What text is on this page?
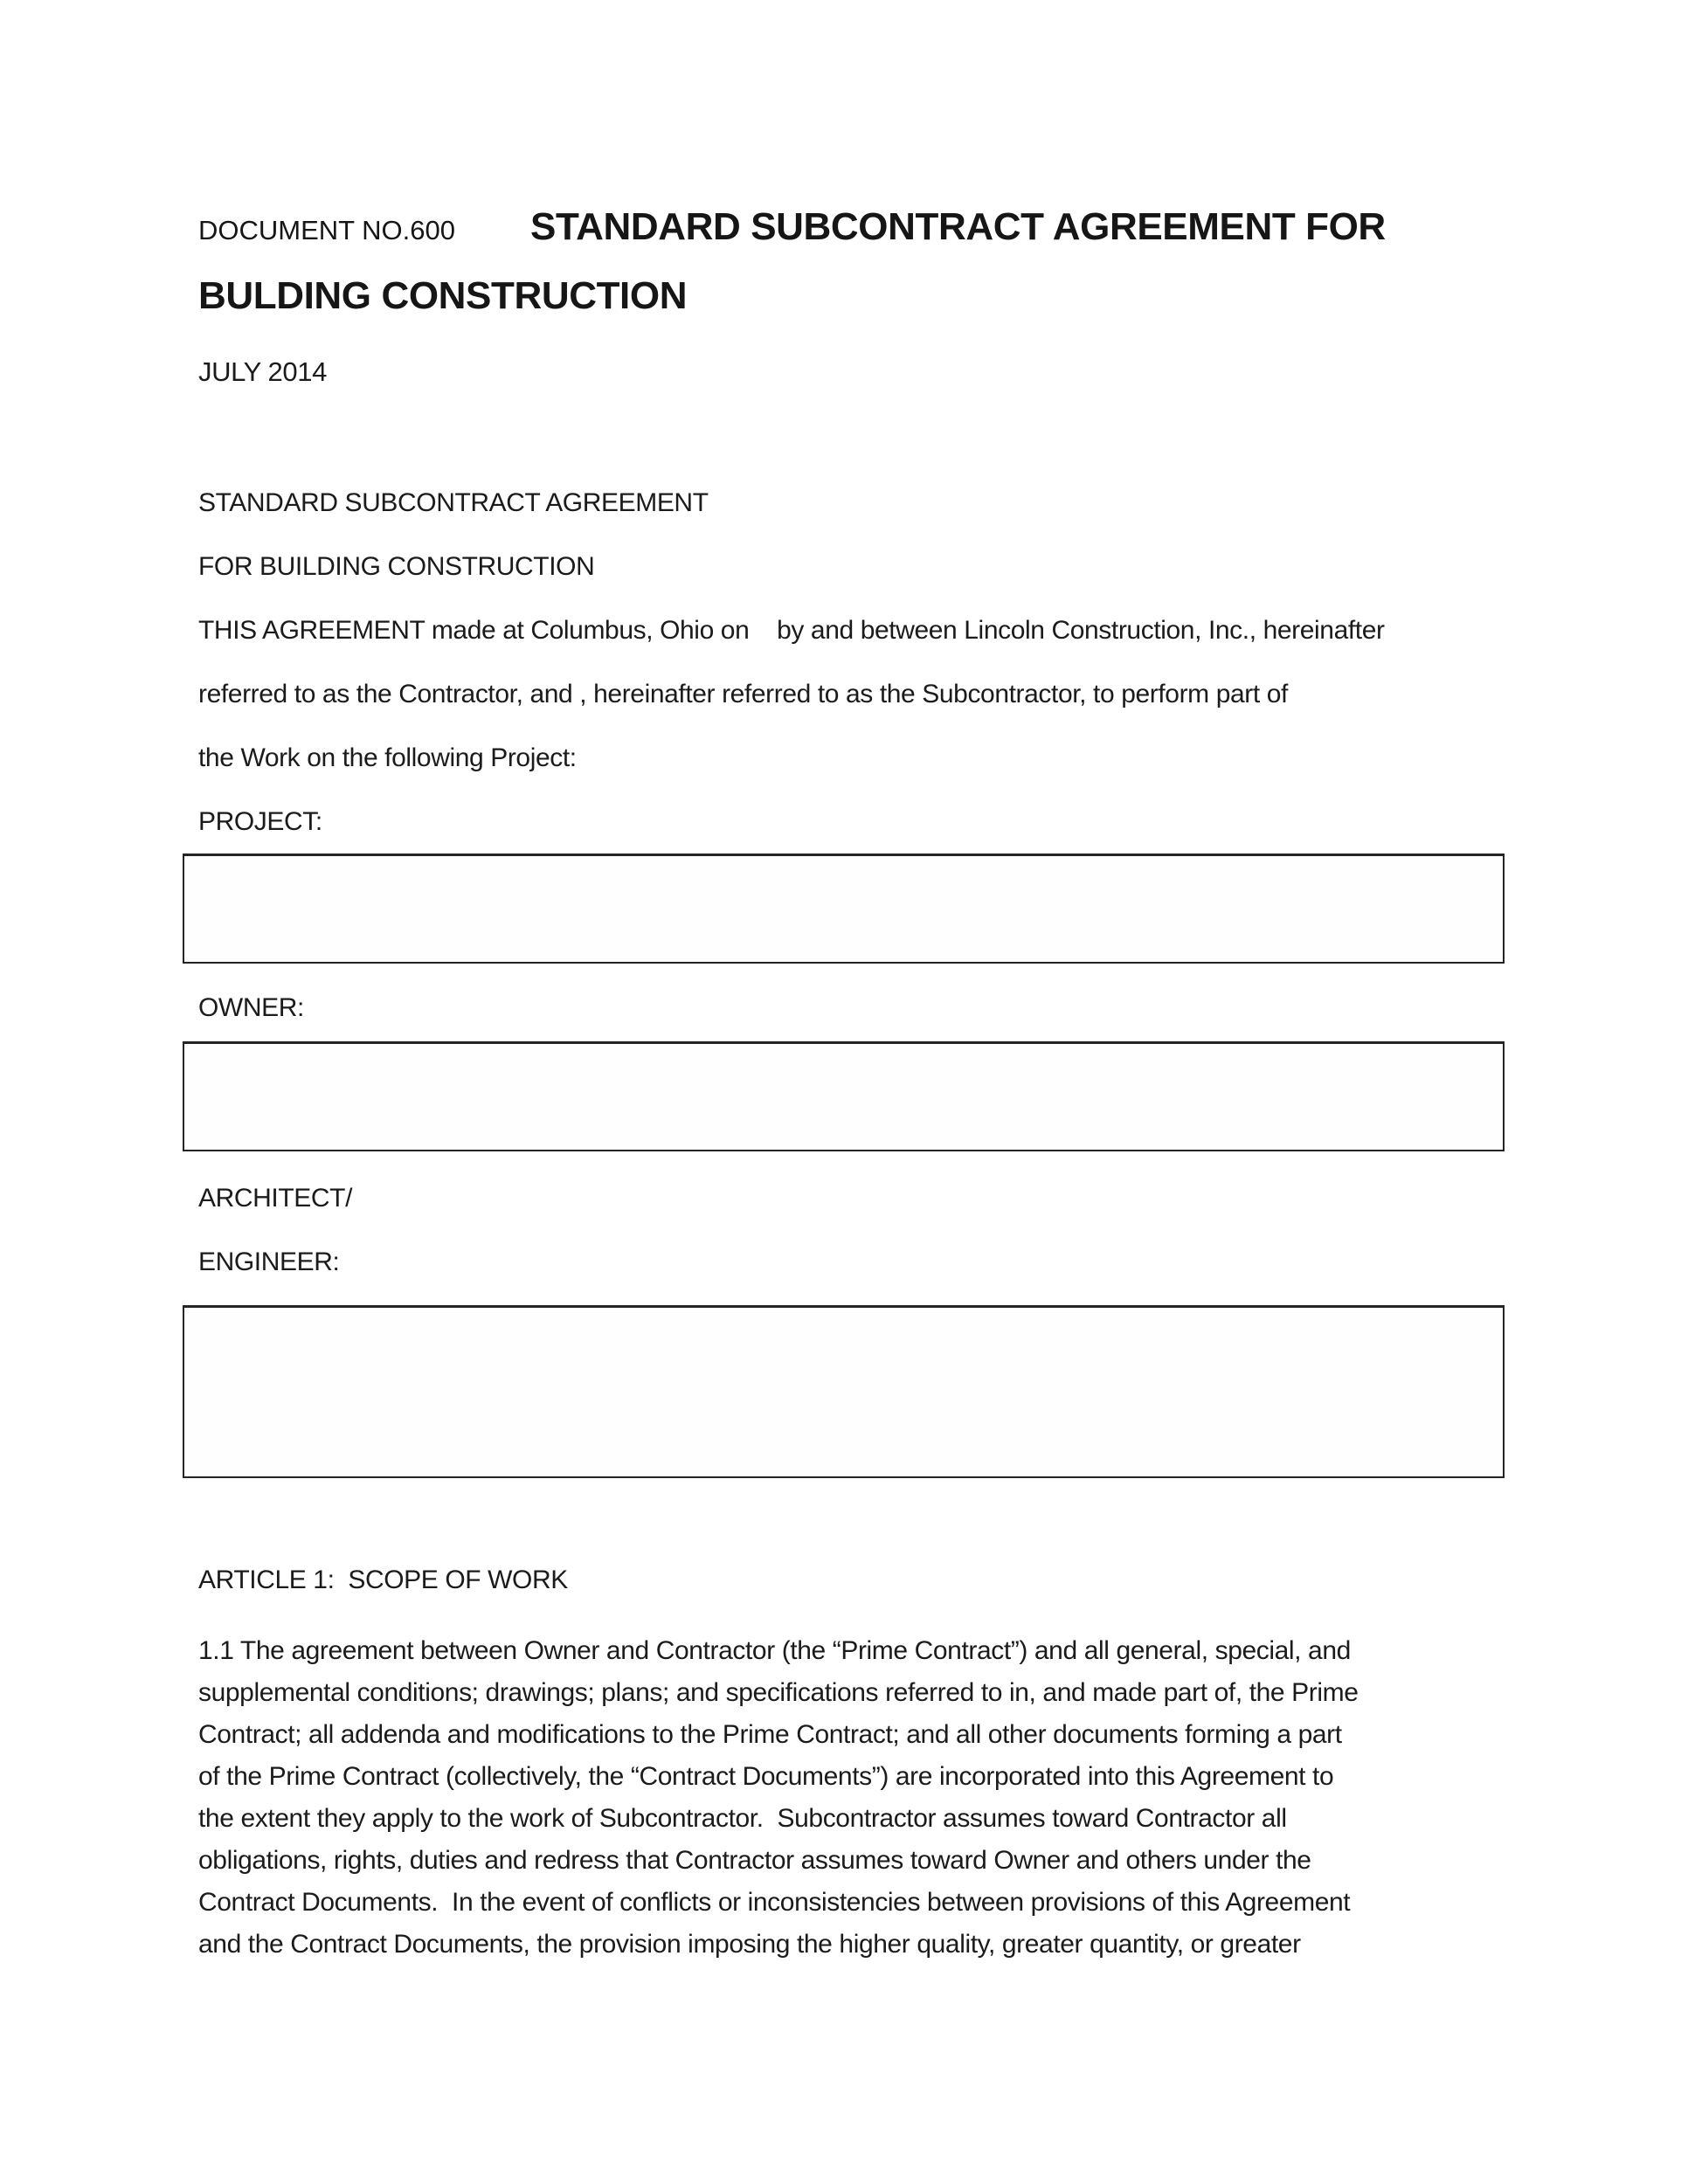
DOCUMENT NO.600 STANDARD SUBCONTRACT AGREEMENT FOR
BULDING CONSTRUCTION
JULY 2014
STANDARD SUBCONTRACT AGREEMENT
FOR BUILDING CONSTRUCTION
THIS AGREEMENT made at Columbus, Ohio on    by and between Lincoln Construction, Inc., hereinafter
referred to as the Contractor, and , hereinafter referred to as the Subcontractor, to perform part of
the Work on the following Project:
PROJECT:
OWNER:
ARCHITECT/
ENGINEER:
ARTICLE 1:  SCOPE OF WORK
1.1 The agreement between Owner and Contractor (the “Prime Contract”) and all general, special, and
supplemental conditions; drawings; plans; and specifications referred to in, and made part of, the Prime
Contract; all addenda and modifications to the Prime Contract; and all other documents forming a part
of the Prime Contract (collectively, the “Contract Documents”) are incorporated into this Agreement to
the extent they apply to the work of Subcontractor.  Subcontractor assumes toward Contractor all
obligations, rights, duties and redress that Contractor assumes toward Owner and others under the
Contract Documents.  In the event of conflicts or inconsistencies between provisions of this Agreement
and the Contract Documents, the provision imposing the higher quality, greater quantity, or greater
